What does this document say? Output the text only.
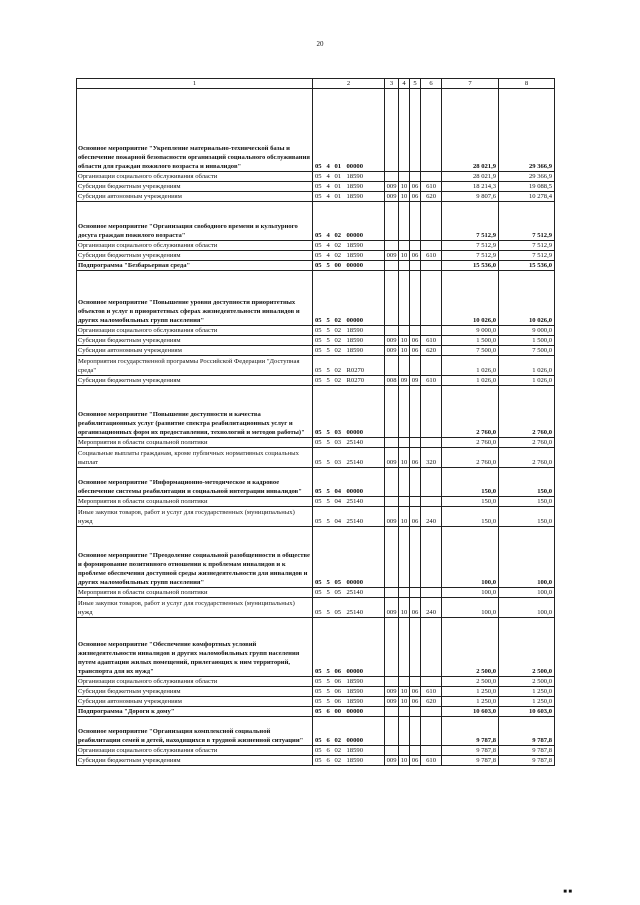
20
1	2				3	4	5	6	7	8
Основное мероприятие "Укрепление материально-технической базы и обеспечение пожарной безопасности организаций социального обслуживания области для граждан пожилого возраста и инвалидов"	05	4	01	00000					28 021,9	29 366,9
Организации социального обслуживания области	05	4	01	18590					28 021,9	29 366,9
Субсидии бюджетным учреждениям	05	4	01	18590	009	10	06	610	18 214,3	19 088,5
Субсидии автономным учреждениям	05	4	01	18590	009	10	06	620	9 807,6	10 278,4
Основное мероприятие "Организация свободного времени и культурного досуга граждан пожилого возраста"	05	4	02	00000					7 512,9	7 512,9
Организации социального обслуживания области	05	4	02	18590					7 512,9	7 512,9
Субсидии бюджетным учреждениям	05	4	02	18590	009	10	06	610	7 512,9	7 512,9
Подпрограмма "Безбарьерная среда"	05	5	00	00000					15 536,0	15 536,0
Основное мероприятие "Повышение уровня доступности приоритетных объектов и услуг в приоритетных сферах жизнедеятельности инвалидов и других маломобильных групп населения"	05	5	02	00000					10 026,0	10 026,0
Организации социального обслуживания области	05	5	02	18590					9 000,0	9 000,0
Субсидии бюджетным учреждениям	05	5	02	18590	009	10	06	610	1 500,0	1 500,0
Субсидии автономным учреждениям	05	5	02	18590	009	10	06	620	7 500,0	7 500,0
Мероприятия государственной программы Российской Федерации "Доступная среда"	05	5	02	R0270					1 026,0	1 026,0
Субсидии бюджетным учреждениям	05	5	02	R0270	008	09	09	610	1 026,0	1 026,0
Основное мероприятие "Повышение доступности и качества реабилитационных услуг (развитие спектра реабилитационных услуг и организационных форм их предоставления, технологий и методов работы)"	05	5	03	00000					2 760,0	2 760,0
Мероприятия в области социальной политики	05	5	03	25140					2 760,0	2 760,0
Социальные выплаты гражданам, кроме публичных нормативных социальных выплат	05	5	03	25140	009	10	06	320	2 760,0	2 760,0
Основное мероприятие "Информационно-методическое и кадровое обеспечение системы реабилитации и социальной интеграции инвалидов"	05	5	04	00000					150,0	150,0
Мероприятия в области социальной политики	05	5	04	25140					150,0	150,0
Иные закупки товаров, работ и услуг для государственных (муниципальных) нужд	05	5	04	25140	009	10	06	240	150,0	150,0
Основное мероприятие "Преодоление социальной разобщенности в обществе и формирование позитивного отношения к проблемам инвалидов и к проблеме обеспечения доступной среды жизнедеятельности для инвалидов и других маломобильных групп населения"	05	5	05	00000					100,0	100,0
Мероприятия в области социальной политики	05	5	05	25140					100,0	100,0
Иные закупки товаров, работ и услуг для государственных (муниципальных) нужд	05	5	05	25140	009	10	06	240	100,0	100,0
Основное мероприятие "Обеспечение комфортных условий жизнедеятельности инвалидов и других маломобильных групп населения путем адаптации жилых помещений, прилегающих к ним территорий, транспорта для их нужд"	05	5	06	00000					2 500,0	2 500,0
Организации социального обслуживания области	05	5	06	18590					2 500,0	2 500,0
Субсидии бюджетным учреждениям	05	5	06	18590	009	10	06	610	1 250,0	1 250,0
Субсидии автономным учреждениям	05	5	06	18590	009	10	06	620	1 250,0	1 250,0
Подпрограмма "Дороги к дому"	05	6	00	00000					10 603,0	10 603,0
Основное мероприятие "Организация комплексной социальной реабилитации семей и детей, находящихся в трудной жизненной ситуации"	05	6	02	00000					9 787,8	9 787,8
Организации социального обслуживания области	05	6	02	18590					9 787,8	9 787,8
Субсидии бюджетным учреждениям	05	6	02	18590	009	10	06	610	9 787,8	9 787,8
■ ■
